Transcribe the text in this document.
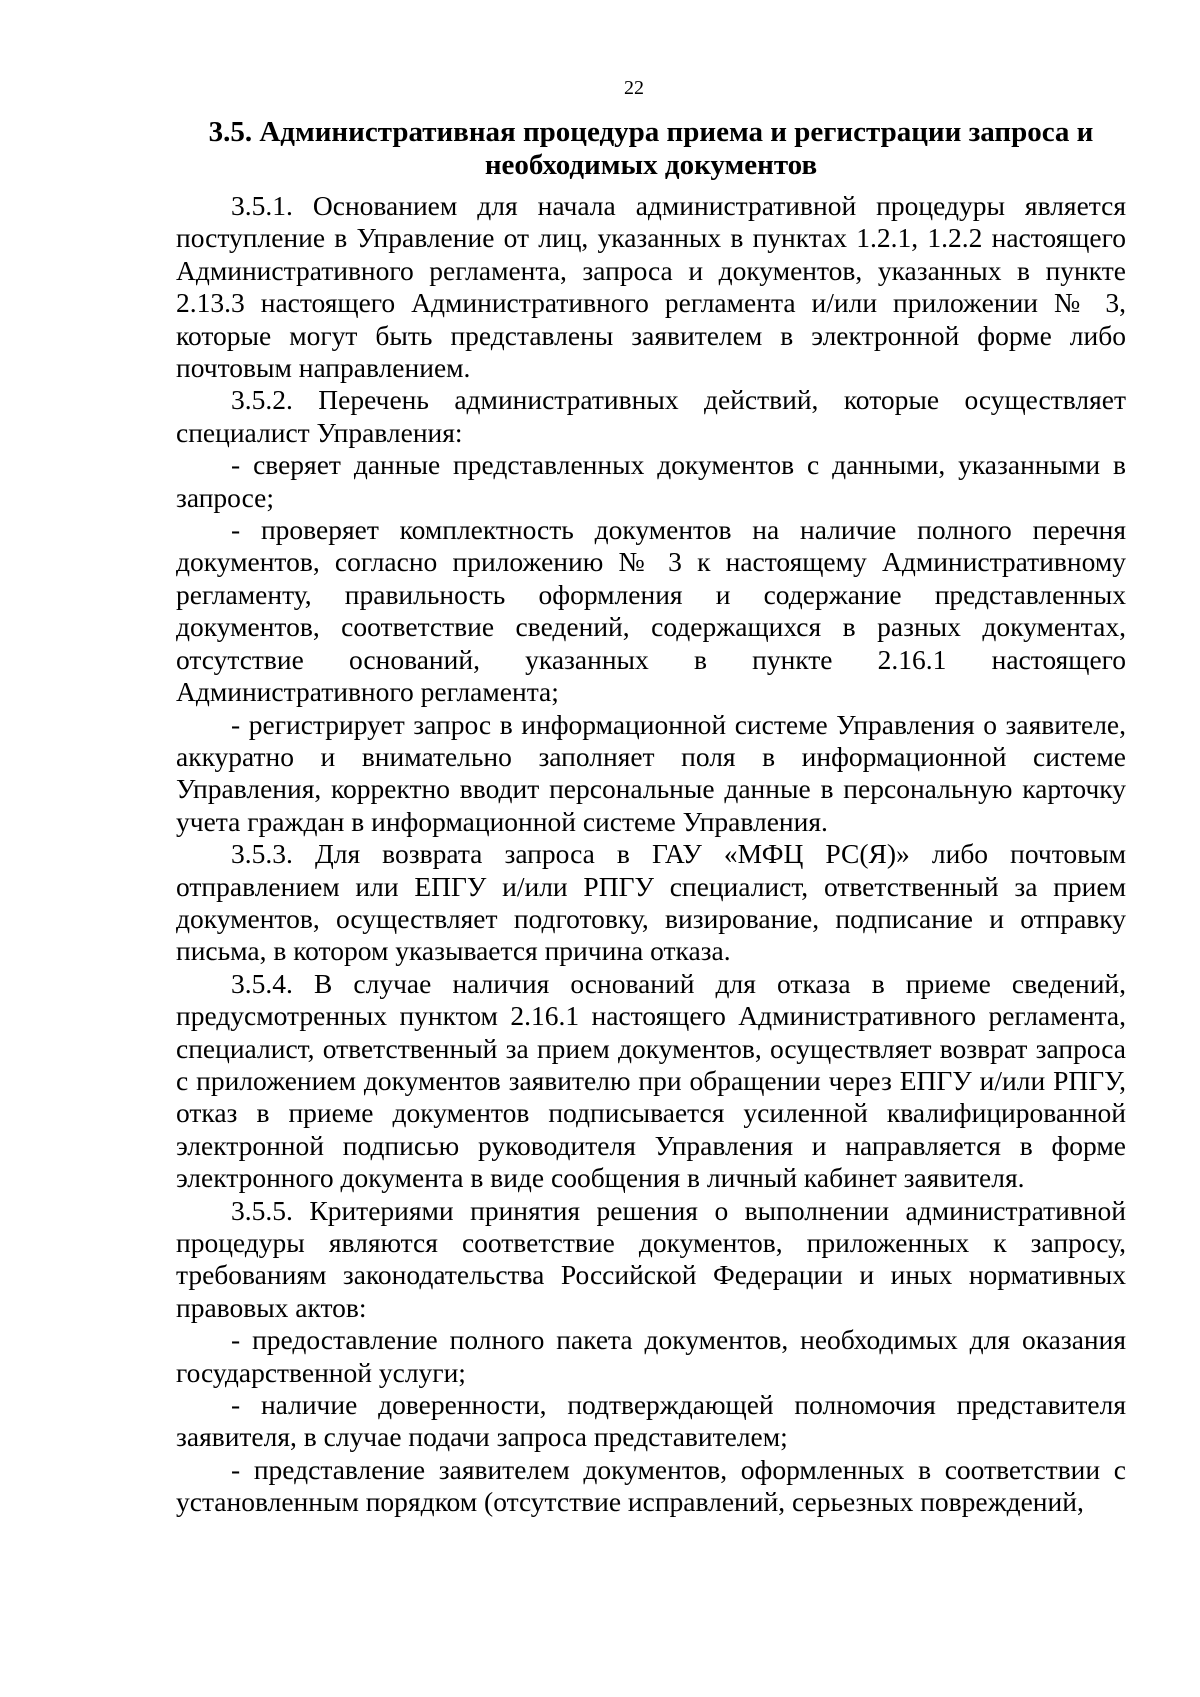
22
3.5. Административная процедура приема и регистрации запроса и
необходимых документов

3.5.1. Основанием для начала административной процедуры является поступление в Управление от лиц, указанных в пунктах 1.2.1, 1.2.2 настоящего Административного регламента, запроса и документов, указанных в пункте 2.13.3 настоящего Административного регламента и/или приложении № 3, которые могут быть представлены заявителем в электронной форме либо почтовым направлением.

3.5.2. Перечень административных действий, которые осуществляет специалист Управления:

- сверяет данные представленных документов с данными, указанными в запросе;

- проверяет комплектность документов на наличие полного перечня документов, согласно приложению № 3 к настоящему Административному регламенту, правильность оформления и содержание представленных документов, соответствие сведений, содержащихся в разных документах, отсутствие оснований, указанных в пункте 2.16.1 настоящего Административного регламента;

- регистрирует запрос в информационной системе Управления о заявителе, аккуратно и внимательно заполняет поля в информационной системе Управления, корректно вводит персональные данные в персональную карточку учета граждан в информационной системе Управления.

3.5.3. Для возврата запроса в ГАУ «МФЦ РС(Я)» либо почтовым отправлением или ЕПГУ и/или РПГУ специалист, ответственный за прием документов, осуществляет подготовку, визирование, подписание и отправку письма, в котором указывается причина отказа.

3.5.4. В случае наличия оснований для отказа в приеме сведений, предусмотренных пунктом 2.16.1 настоящего Административного регламента, специалист, ответственный за прием документов, осуществляет возврат запроса с приложением документов заявителю при обращении через ЕПГУ и/или РПГУ, отказ в приеме документов подписывается усиленной квалифицированной электронной подписью руководителя Управления и направляется в форме электронного документа в виде сообщения в личный кабинет заявителя.

3.5.5. Критериями принятия решения о выполнении административной процедуры являются соответствие документов, приложенных к запросу, требованиям законодательства Российской Федерации и иных нормативных правовых актов:

- предоставление полного пакета документов, необходимых для оказания государственной услуги;

- наличие доверенности, подтверждающей полномочия представителя заявителя, в случае подачи запроса представителем;

- представление заявителем документов, оформленных в соответствии с установленным порядком (отсутствие исправлений, серьезных повреждений,
